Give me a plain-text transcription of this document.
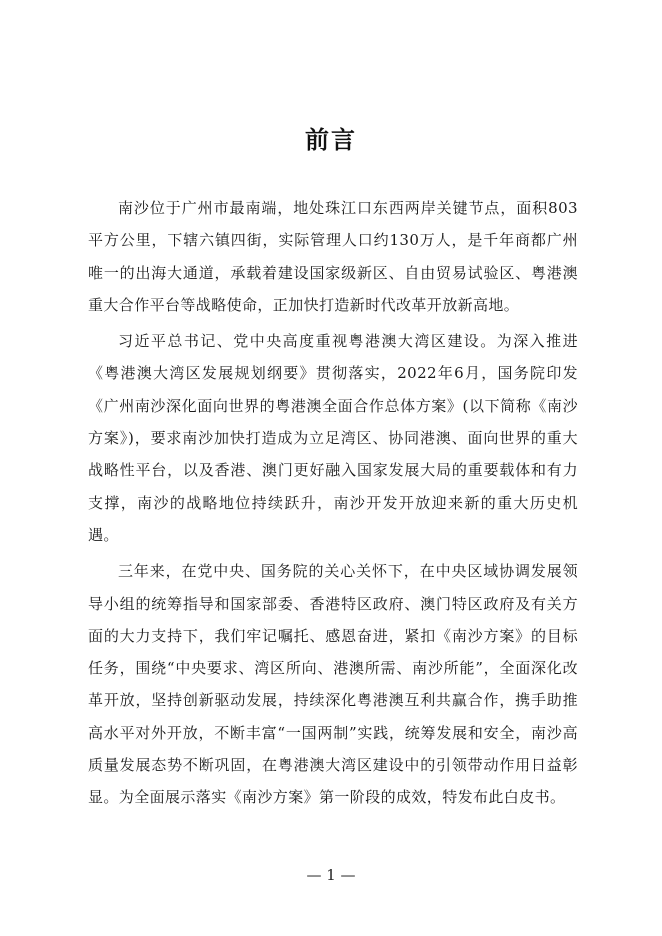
前言

南沙位于广州市最南端，地处珠江口东西两岸关键节点，面积803平方公里，下辖六镇四街，实际管理人口约130万人，是千年商都广州唯一的出海大通道，承载着建设国家级新区、自由贸易试验区、粤港澳重大合作平台等战略使命，正加快打造新时代改革开放新高地。

习近平总书记、党中央高度重视粤港澳大湾区建设。为深入推进《粤港澳大湾区发展规划纲要》贯彻落实，2022年6月，国务院印发《广州南沙深化面向世界的粤港澳全面合作总体方案》(以下简称《南沙方案》)，要求南沙加快打造成为立足湾区、协同港澳、面向世界的重大战略性平台，以及香港、澳门更好融入国家发展大局的重要载体和有力支撑，南沙的战略地位持续跃升，南沙开发开放迎来新的重大历史机遇。

三年来，在党中央、国务院的关心关怀下，在中央区域协调发展领导小组的统筹指导和国家部委、香港特区政府、澳门特区政府及有关方面的大力支持下，我们牢记嘱托、感恩奋进，紧扣《南沙方案》的目标任务，围绕“中央要求、湾区所向、港澳所需、南沙所能”，全面深化改革开放，坚持创新驱动发展，持续深化粤港澳互利共赢合作，携手助推高水平对外开放，不断丰富“一国两制”实践，统筹发展和安全，南沙高质量发展态势不断巩固，在粤港澳大湾区建设中的引领带动作用日益彰显。为全面展示落实《南沙方案》第一阶段的成效，特发布此白皮书。

— 1 —
